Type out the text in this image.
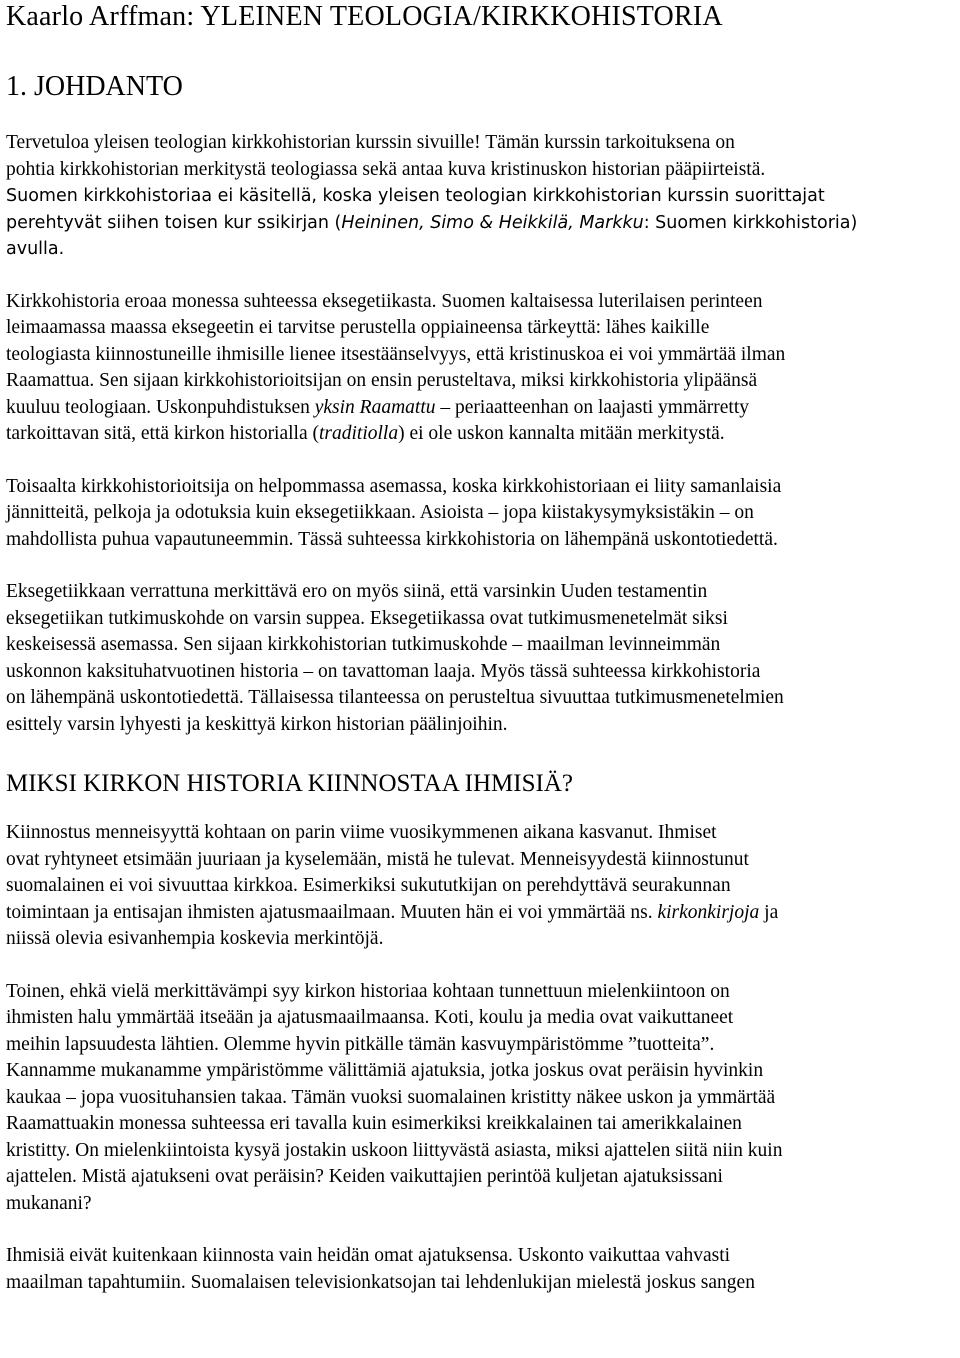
Kaarlo Arffman: YLEINEN TEOLOGIA/KIRKKOHISTORIA
1. JOHDANTO

Tervetuloa yleisen teologian kirkkohistorian kurssin sivuille! Tämän kurssin tarkoituksena on
pohtia kirkkohistorian merkitystä teologiassa sekä antaa kuva kristinuskon historian pääpiirteistä.
Suomen kirkkohistoriaa ei käsitellä, koska yleisen teologian kirkkohistorian kurssin suorittajat
perehtyvät siihen toisen kur ssikirjan (Heininen, Simo & Heikkilä, Markku: Suomen kirkkohistoria)
avulla.

Kirkkohistoria eroaa monessa suhteessa eksegetiikasta. Suomen kaltaisessa luterilaisen perinteen
leimaamassa maassa eksegeetin ei tarvitse perustella oppiaineensa tärkeyttä: lähes kaikille
teologiasta kiinnostuneille ihmisille lienee itsestäänselvyys, että kristinuskoa ei voi ymmärtää ilman
Raamattua. Sen sijaan kirkkohistorioitsijan on ensin perusteltava, miksi kirkkohistoria ylipäänsä
kuuluu teologiaan. Uskonpuhdistuksen yksin Raamattu – periaatteenhan on laajasti ymmärretty
tarkoittavan sitä, että kirkon historialla (traditiolla) ei ole uskon kannalta mitään merkitystä.

Toisaalta kirkkohistorioitsija on helpommassa asemassa, koska kirkkohistoriaan ei liity samanlaisia
jännitteitä, pelkoja ja odotuksia kuin eksegetiikkaan. Asioista – jopa kiistakysymyksistäkin – on
mahdollista puhua vapautuneemmin. Tässä suhteessa kirkkohistoria on lähempänä uskontotiedettä.

Eksegetiikkaan verrattuna merkittävä ero on myös siinä, että varsinkin Uuden testamentin
eksegetiikan tutkimuskohde on varsin suppea. Eksegetiikassa ovat tutkimusmenetelmät siksi
keskeisessä asemassa. Sen sijaan kirkkohistorian tutkimuskohde – maailman levinneimmän
uskonnon kaksituhatvuotinen historia – on tavattoman laaja. Myös tässä suhteessa kirkkohistoria
on lähempänä uskontotiedettä. Tällaisessa tilanteessa on perusteltua sivuuttaa tutkimusmenetelmien
esittely varsin lyhyesti ja keskittyä kirkon historian päälinjoihin.

MIKSI KIRKON HISTORIA KIINNOSTAA IHMISIÄ?

Kiinnostus menneisyyttä kohtaan on parin viime vuosikymmenen aikana kasvanut. Ihmiset
ovat ryhtyneet etsimään juuriaan ja kyselemään, mistä he tulevat. Menneisyydestä kiinnostunut
suomalainen ei voi sivuuttaa kirkkoa. Esimerkiksi sukututkijan on perehdyttävä seurakunnan
toimintaan ja entisajan ihmisten ajatusmaailmaan. Muuten hän ei voi ymmärtää ns. kirkonkirjoja ja
niissä olevia esivanhempia koskevia merkintöjä.

Toinen, ehkä vielä merkittävämpi syy kirkon historiaa kohtaan tunnettuun mielenkiintoon on
ihmisten halu ymmärtää itseään ja ajatusmaailmaansa. Koti, koulu ja media ovat vaikuttaneet
meihin lapsuudesta lähtien. Olemme hyvin pitkälle tämän kasvuympäristömme ”tuotteita”.
Kannamme mukanamme ympäristömme välittämiä ajatuksia, jotka joskus ovat peräisin hyvinkin
kaukaa – jopa vuosituhansien takaa. Tämän vuoksi suomalainen kristitty näkee uskon ja ymmärtää
Raamattuakin monessa suhteessa eri tavalla kuin esimerkiksi kreikkalainen tai amerikkalainen
kristitty. On mielenkiintoista kysyä jostakin uskoon liittyvästä asiasta, miksi ajattelen siitä niin kuin
ajattelen. Mistä ajatukseni ovat peräisin? Keiden vaikuttajien perintöä kuljetan ajatuksissani
mukanani?

Ihmisiä eivät kuitenkaan kiinnosta vain heidän omat ajatuksensa. Uskonto vaikuttaa vahvasti
maailman tapahtumiin. Suomalaisen televisionkatsojan tai lehdenlukijan mielestä joskus sangen
